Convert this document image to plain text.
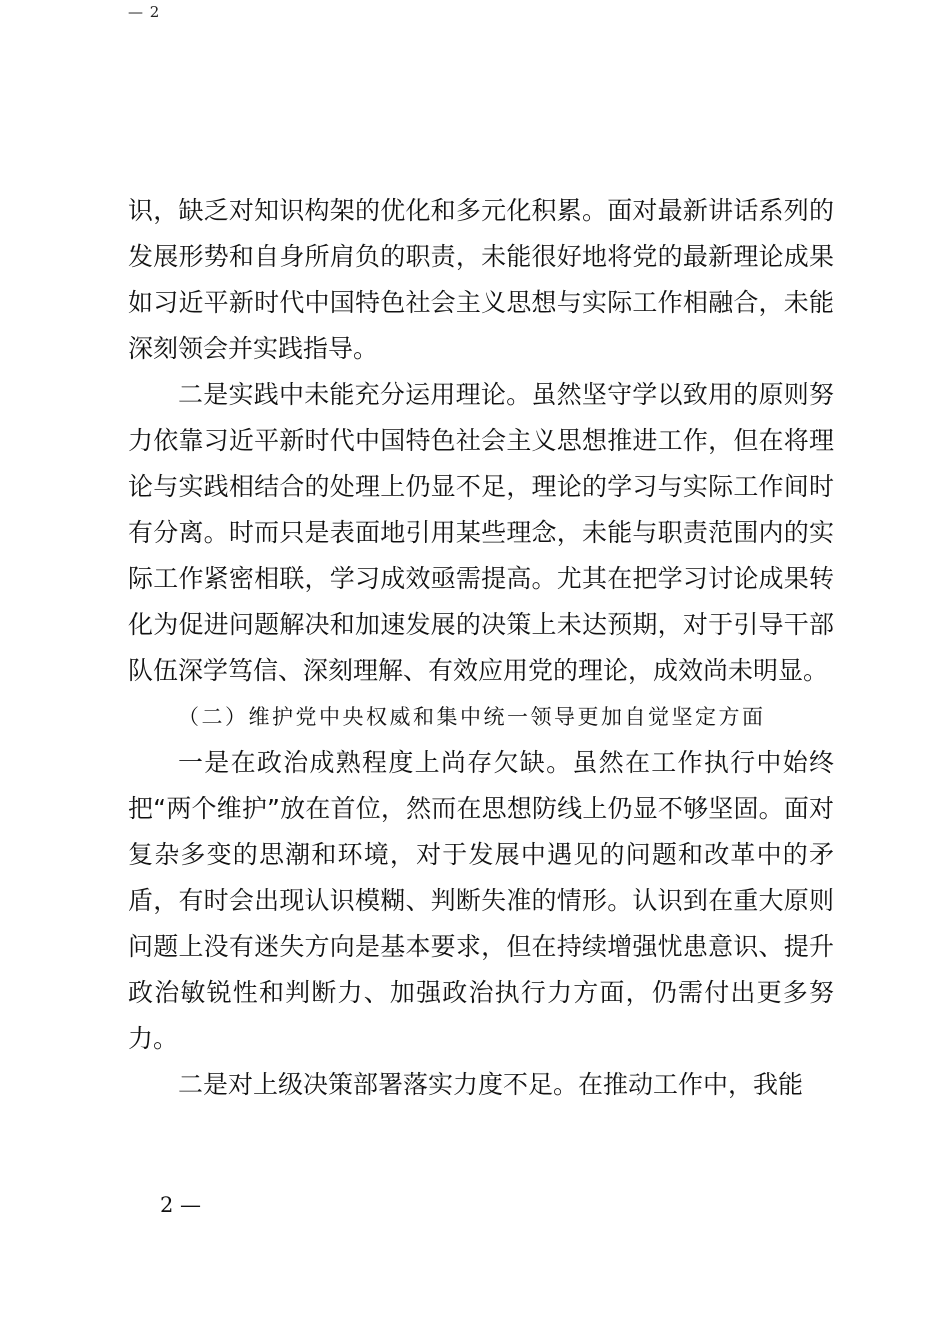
— 2

识，缺乏对知识构架的优化和多元化积累。面对最新讲话系列的发展形势和自身所肩负的职责，未能很好地将党的最新理论成果如习近平新时代中国特色社会主义思想与实际工作相融合，未能深刻领会并实践指导。

二是实践中未能充分运用理论。虽然坚守学以致用的原则努力依靠习近平新时代中国特色社会主义思想推进工作，但在将理论与实践相结合的处理上仍显不足，理论的学习与实际工作间时有分离。时而只是表面地引用某些理念，未能与职责范围内的实际工作紧密相联，学习成效亟需提高。尤其在把学习讨论成果转化为促进问题解决和加速发展的决策上未达预期，对于引导干部队伍深学笃信、深刻理解、有效应用党的理论，成效尚未明显。

（二）维护党中央权威和集中统一领导更加自觉坚定方面

一是在政治成熟程度上尚存欠缺。虽然在工作执行中始终把“两个维护”放在首位，然而在思想防线上仍显不够坚固。面对复杂多变的思潮和环境，对于发展中遇见的问题和改革中的矛盾，有时会出现认识模糊、判断失准的情形。认识到在重大原则问题上没有迷失方向是基本要求，但在持续增强忧患意识、提升政治敏锐性和判断力、加强政治执行力方面，仍需付出更多努力。

二是对上级决策部署落实力度不足。在推动工作中，我能

2 —
